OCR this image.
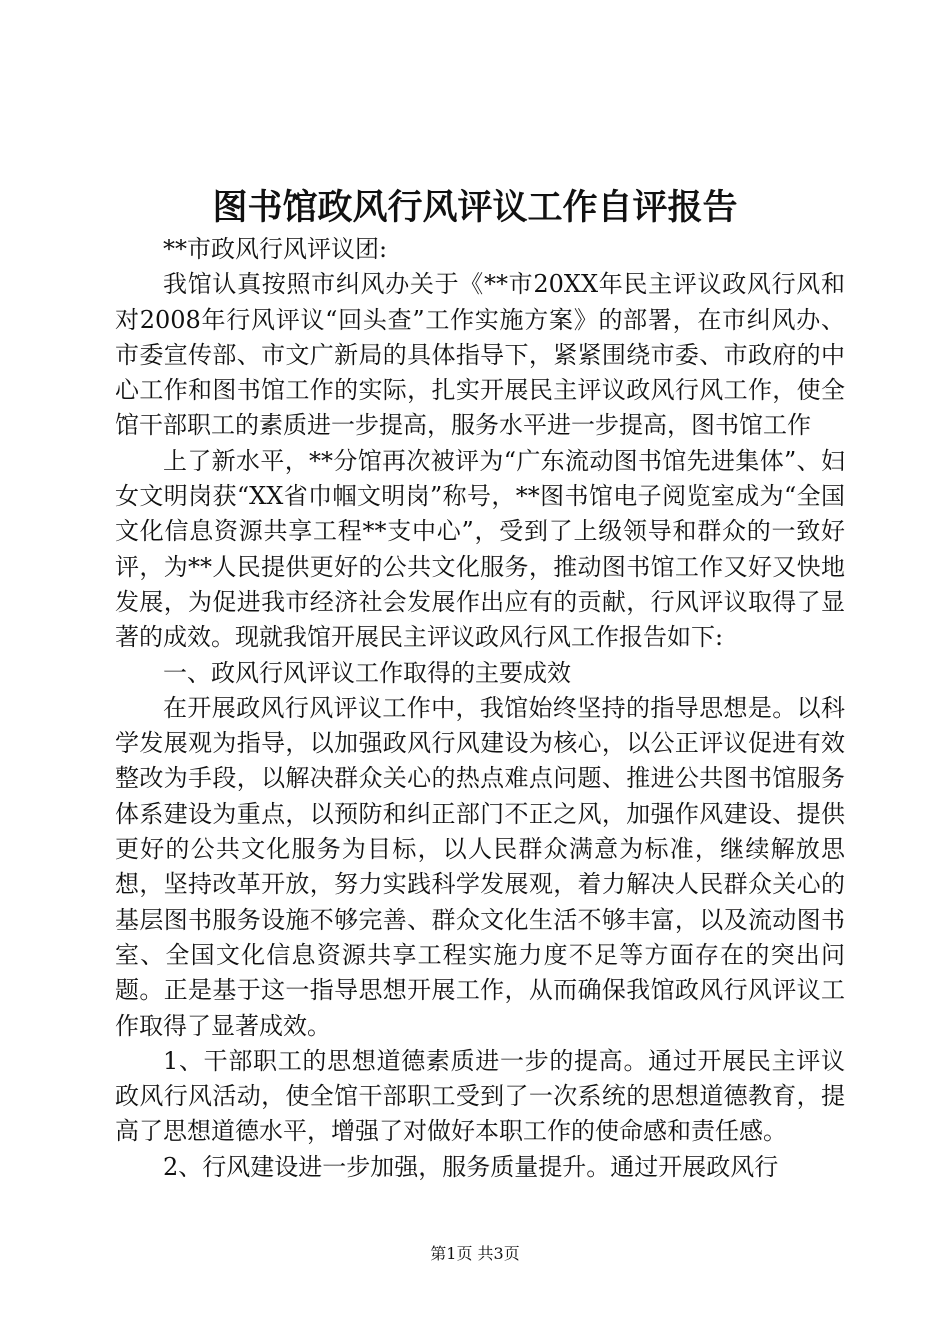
图书馆政风行风评议工作自评报告

**市政风行风评议团:

我馆认真按照市纠风办关于《**市20XX年民主评议政风行风和对2008年行风评议“回头查”工作实施方案》的部署，在市纠风办、市委宣传部、市文广新局的具体指导下，紧紧围绕市委、市政府的中心工作和图书馆工作的实际，扎实开展民主评议政风行风工作，使全馆干部职工的素质进一步提高，服务水平进一步提高，图书馆工作

上了新水平，**分馆再次被评为“广东流动图书馆先进集体”、妇女文明岗获“XX省巾帼文明岗”称号，**图书馆电子阅览室成为“全国文化信息资源共享工程**支中心”，受到了上级领导和群众的一致好评，为**人民提供更好的公共文化服务，推动图书馆工作又好又快地发展，为促进我市经济社会发展作出应有的贡献，行风评议取得了显著的成效。现就我馆开展民主评议政风行风工作报告如下:

一、政风行风评议工作取得的主要成效

在开展政风行风评议工作中，我馆始终坚持的指导思想是。以科学发展观为指导，以加强政风行风建设为核心，以公正评议促进有效整改为手段，以解决群众关心的热点难点问题、推进公共图书馆服务体系建设为重点，以预防和纠正部门不正之风，加强作风建设、提供更好的公共文化服务为目标，以人民群众满意为标准，继续解放思想，坚持改革开放，努力实践科学发展观，着力解决人民群众关心的基层图书服务设施不够完善、群众文化生活不够丰富，以及流动图书室、全国文化信息资源共享工程实施力度不足等方面存在的突出问题。正是基于这一指导思想开展工作，从而确保我馆政风行风评议工作取得了显著成效。

1、干部职工的思想道德素质进一步的提高。通过开展民主评议政风行风活动，使全馆干部职工受到了一次系统的思想道德教育，提高了思想道德水平，增强了对做好本职工作的使命感和责任感。

2、行风建设进一步加强，服务质量提升。通过开展政风行

第1页 共3页
